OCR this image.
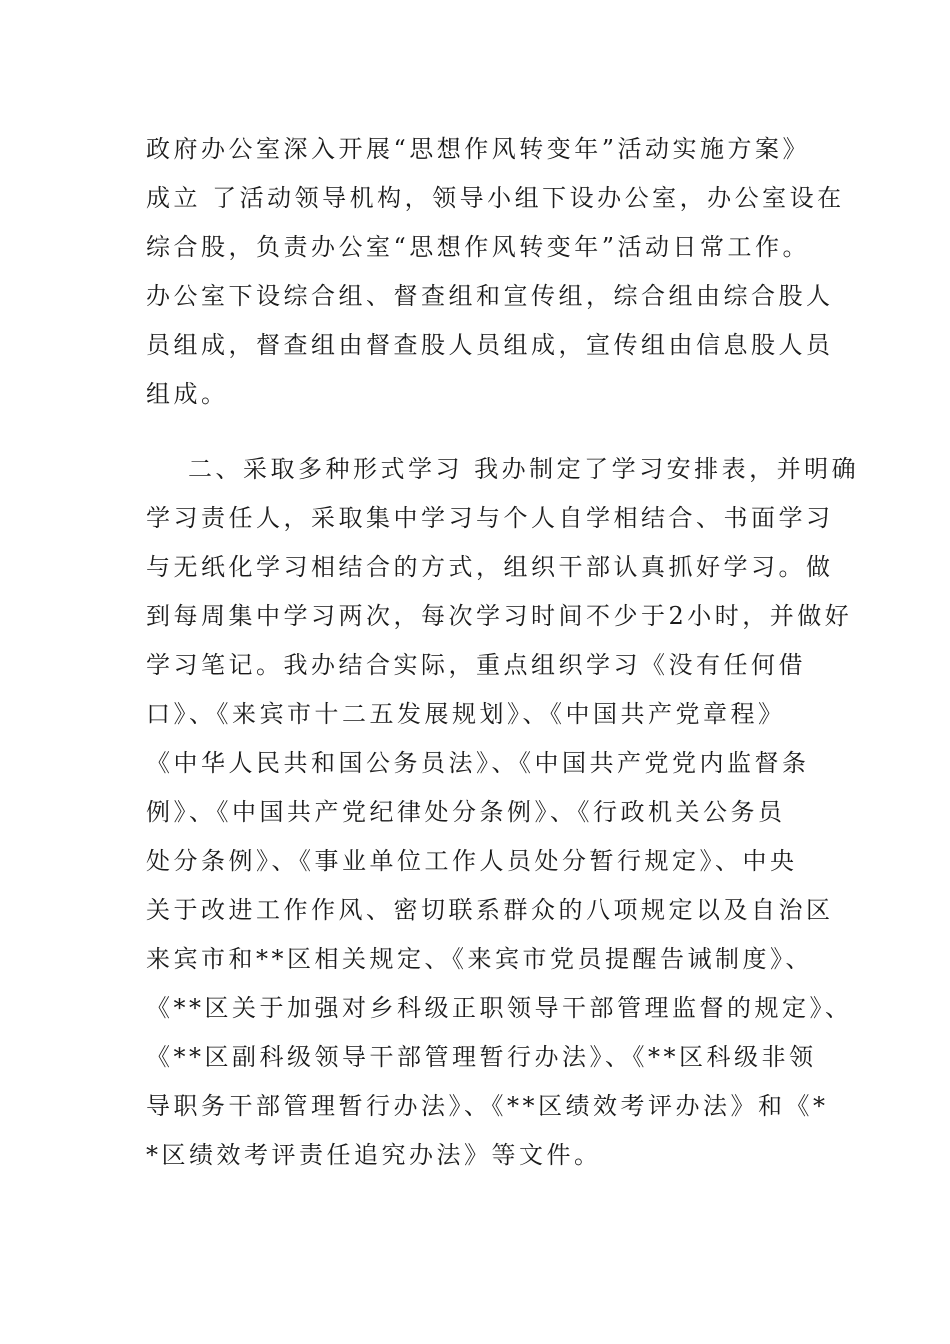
政府办公室深入开展“思想作风转变年”活动实施方案》
成立 了活动领导机构，领导小组下设办公室，办公室设在
综合股，负责办公室“思想作风转变年”活动日常工作。
办公室下设综合组、督查组和宣传组，综合组由综合股人
员组成，督查组由督查股人员组成，宣传组由信息股人员
组成。
二、采取多种形式学习 我办制定了学习安排表，并明确
学习责任人，采取集中学习与个人自学相结合、书面学习
与无纸化学习相结合的方式，组织干部认真抓好学习。做
到每周集中学习两次，每次学习时间不少于2小时，并做好
学习笔记。我办结合实际，重点组织学习《没有任何借
口》、《来宾市十二五发展规划》、《中国共产党章程》
《中华人民共和国公务员法》、《中国共产党党内监督条
例》、《中国共产党纪律处分条例》、《行政机关公务员
处分条例》、《事业单位工作人员处分暂行规定》、中央
关于改进工作作风、密切联系群众的八项规定以及自治区
来宾市和**区相关规定、《来宾市党员提醒告诫制度》、
《**区关于加强对乡科级正职领导干部管理监督的规定》、
《**区副科级领导干部管理暂行办法》、《**区科级非领
导职务干部管理暂行办法》、《**区绩效考评办法》和《*
*区绩效考评责任追究办法》等文件。
